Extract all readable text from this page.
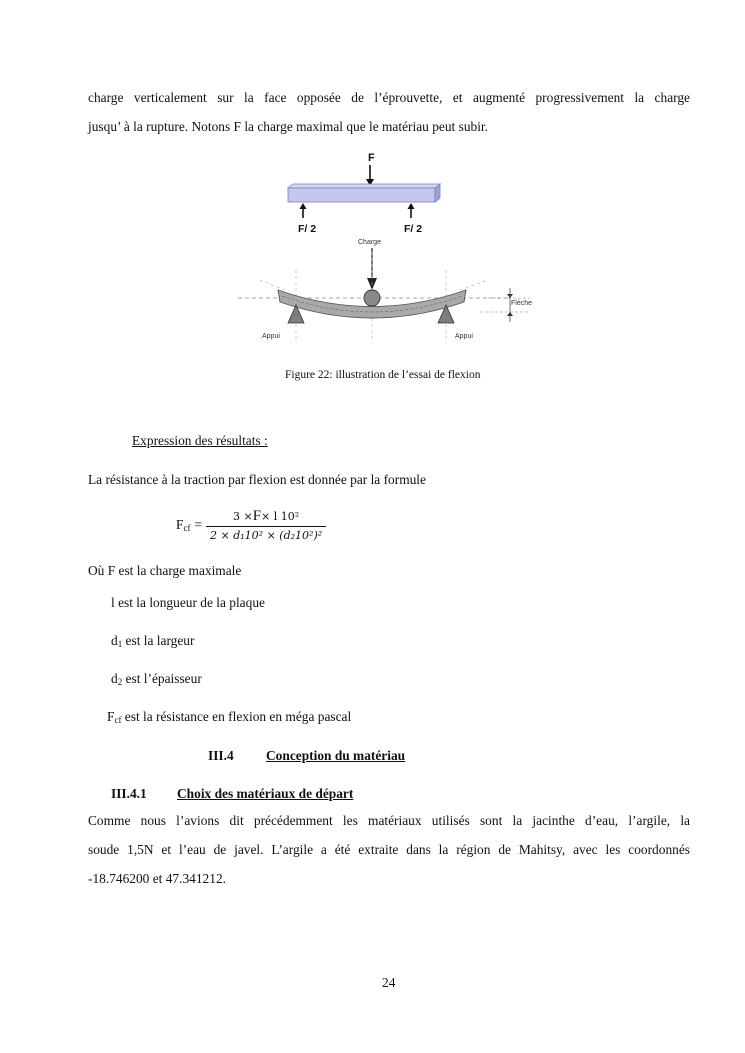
charge verticalement sur la face opposée de l’éprouvette, et augmenté progressivement la charge
jusqu’ à la rupture. Notons F la charge maximal que le matériau peut subir.
F
F/ 2	F/ 2
Charge
Appui	Appui
Flèche
Figure 22: illustration de l’essai de flexion
Expression des résultats :
La résistance à la traction par flexion est donnée par la formule
$F_{cf} = \frac{\text{3 ×F× l 10²}}{\text{2 × d₁10² × (d₂10²)²}}$
Où F est la charge maximale
l est la longueur de la plaque
$d_1$ est la largeur
$d_2$ est l’épaisseur
$F_{cf}$ est la résistance en flexion en méga pascal
III.4 Conception du matériau
III.4.1 Choix des matériaux de départ
Comme nous l’avions dit précédemment les matériaux utilisés sont la jacinthe d’eau, l’argile, la
soude 1,5N et l’eau de javel. L’argile a été extraite dans la région de Mahitsy, avec les coordonnés
-18.746200 et 47.341212.
24
